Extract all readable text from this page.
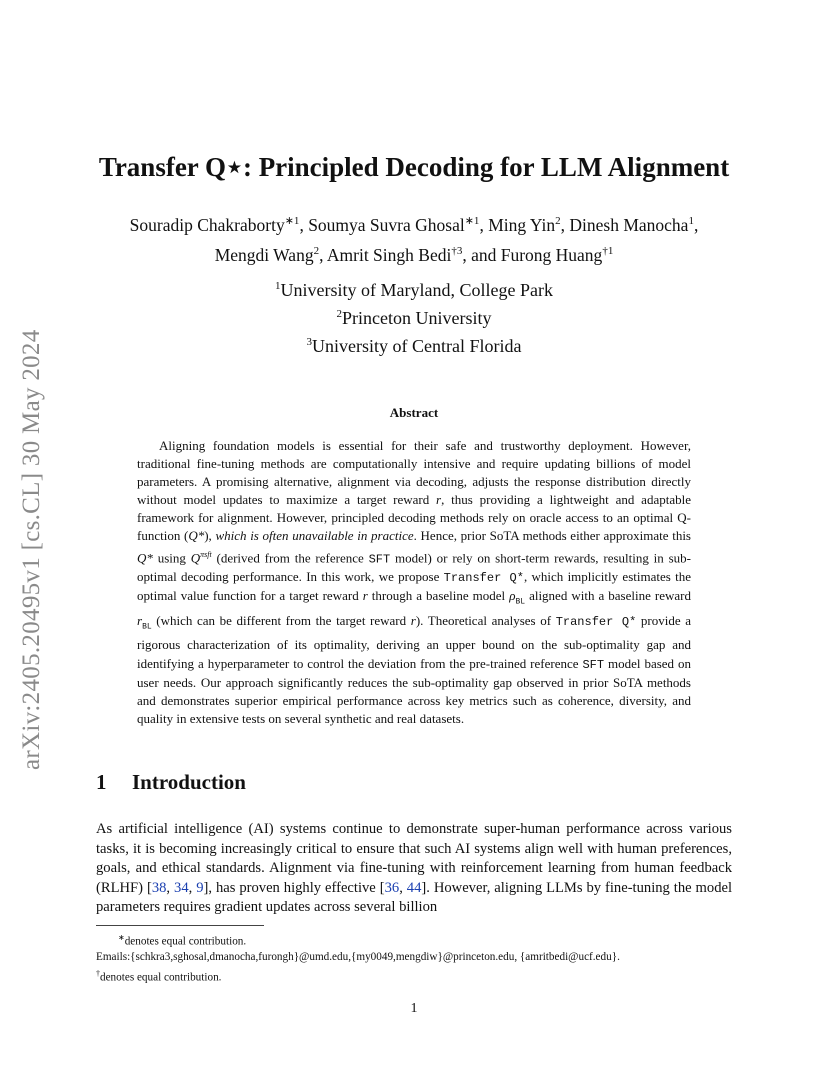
arXiv:2405.20495v1 [cs.CL] 30 May 2024
Transfer Q⋆: Principled Decoding for LLM Alignment
Souradip Chakraborty$^{∗1}$, Soumya Suvra Ghosal$^{∗1}$, Ming Yin$^2$, Dinesh Manocha$^1$,
Mengdi Wang$^2$, Amrit Singh Bedi$^{\dagger 3}$, and Furong Huang$^{\dagger 1}$
$^1$University of Maryland, College Park
$^2$Princeton University
$^3$University of Central Florida
Abstract

Aligning foundation models is essential for their safe and trustworthy deployment. However, traditional fine-tuning methods are computationally intensive and require updating billions of model parameters. A promising alternative, alignment via decoding, adjusts the response distribution directly without model updates to maximize a target reward r, thus providing a lightweight and adaptable framework for alignment. However, principled decoding methods rely on oracle access to an optimal Q-function (Q*), which is often unavailable in practice. Hence, prior SoTA methods either approximate this Q* using $Q^{\pi sft}$ (derived from the reference SFT model) or rely on short-term rewards, resulting in sub-optimal decoding performance. In this work, we propose Transfer Q*, which implicitly estimates the optimal value function for a target reward r through a baseline model $\rho_{BL}$ aligned with a baseline reward $r_{BL}$ (which can be different from the target reward r). Theoretical analyses of Transfer Q* provide a rigorous characterization of its optimality, deriving an upper bound on the sub-optimality gap and identifying a hyperparameter to control the deviation from the pre-trained reference SFT model based on user needs. Our approach significantly reduces the sub-optimality gap observed in prior SoTA methods and demonstrates superior empirical performance across key metrics such as coherence, diversity, and quality in extensive tests on several synthetic and real datasets.

1 Introduction

As artificial intelligence (AI) systems continue to demonstrate super-human performance across various tasks, it is becoming increasingly critical to ensure that such AI systems align well with human preferences, goals, and ethical standards. Alignment via fine-tuning with reinforcement learning from human feedback (RLHF) [38, 34, 9], has proven highly effective [36, 44]. However, aligning LLMs by fine-tuning the model parameters requires gradient updates across several billion

∗denotes equal contribution.
Emails:{schkra3,sghosal,dmanocha,furongh}@umd.edu,{my0049,mengdiw}@princeton.edu, {amritbedi@ucf.edu}.
†denotes equal contribution.
1
